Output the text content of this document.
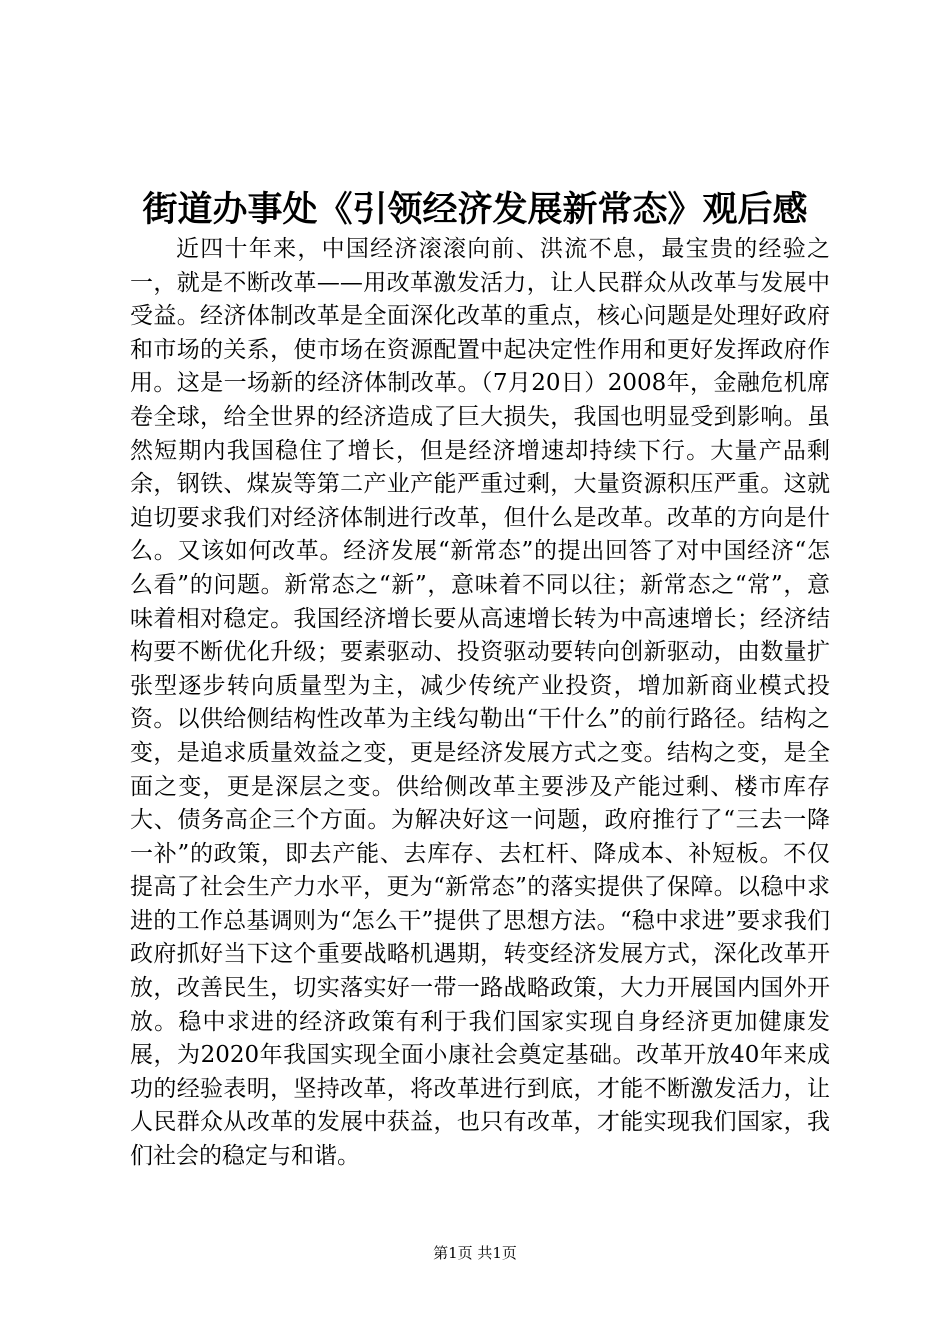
街道办事处《引领经济发展新常态》观后感

近四十年来，中国经济滚滚向前、洪流不息，最宝贵的经验之一，就是不断改革——用改革激发活力，让人民群众从改革与发展中受益。经济体制改革是全面深化改革的重点，核心问题是处理好政府和市场的关系，使市场在资源配置中起决定性作用和更好发挥政府作用。这是一场新的经济体制改革。（7月20日）2008年，金融危机席卷全球，给全世界的经济造成了巨大损失，我国也明显受到影响。虽然短期内我国稳住了增长，但是经济增速却持续下行。大量产品剩余，钢铁、煤炭等第二产业产能严重过剩，大量资源积压严重。这就迫切要求我们对经济体制进行改革，但什么是改革。改革的方向是什么。又该如何改革。经济发展“新常态”的提出回答了对中国经济“怎么看”的问题。新常态之“新”，意味着不同以往；新常态之“常”，意味着相对稳定。我国经济增长要从高速增长转为中高速增长；经济结构要不断优化升级；要素驱动、投资驱动要转向创新驱动，由数量扩张型逐步转向质量型为主，减少传统产业投资，增加新商业模式投资。以供给侧结构性改革为主线勾勒出“干什么”的前行路径。结构之变，是追求质量效益之变，更是经济发展方式之变。结构之变，是全面之变，更是深层之变。供给侧改革主要涉及产能过剩、楼市库存大、债务高企三个方面。为解决好这一问题，政府推行了“三去一降一补”的政策，即去产能、去库存、去杠杆、降成本、补短板。不仅提高了社会生产力水平，更为“新常态”的落实提供了保障。以稳中求进的工作总基调则为“怎么干”提供了思想方法。“稳中求进”要求我们政府抓好当下这个重要战略机遇期，转变经济发展方式，深化改革开放，改善民生，切实落实好一带一路战略政策，大力开展国内国外开放。稳中求进的经济政策有利于我们国家实现自身经济更加健康发展，为2020年我国实现全面小康社会奠定基础。改革开放40年来成功的经验表明，坚持改革，将改革进行到底，才能不断激发活力，让人民群众从改革的发展中获益，也只有改革，才能实现我们国家，我们社会的稳定与和谐。

第1页 共1页
